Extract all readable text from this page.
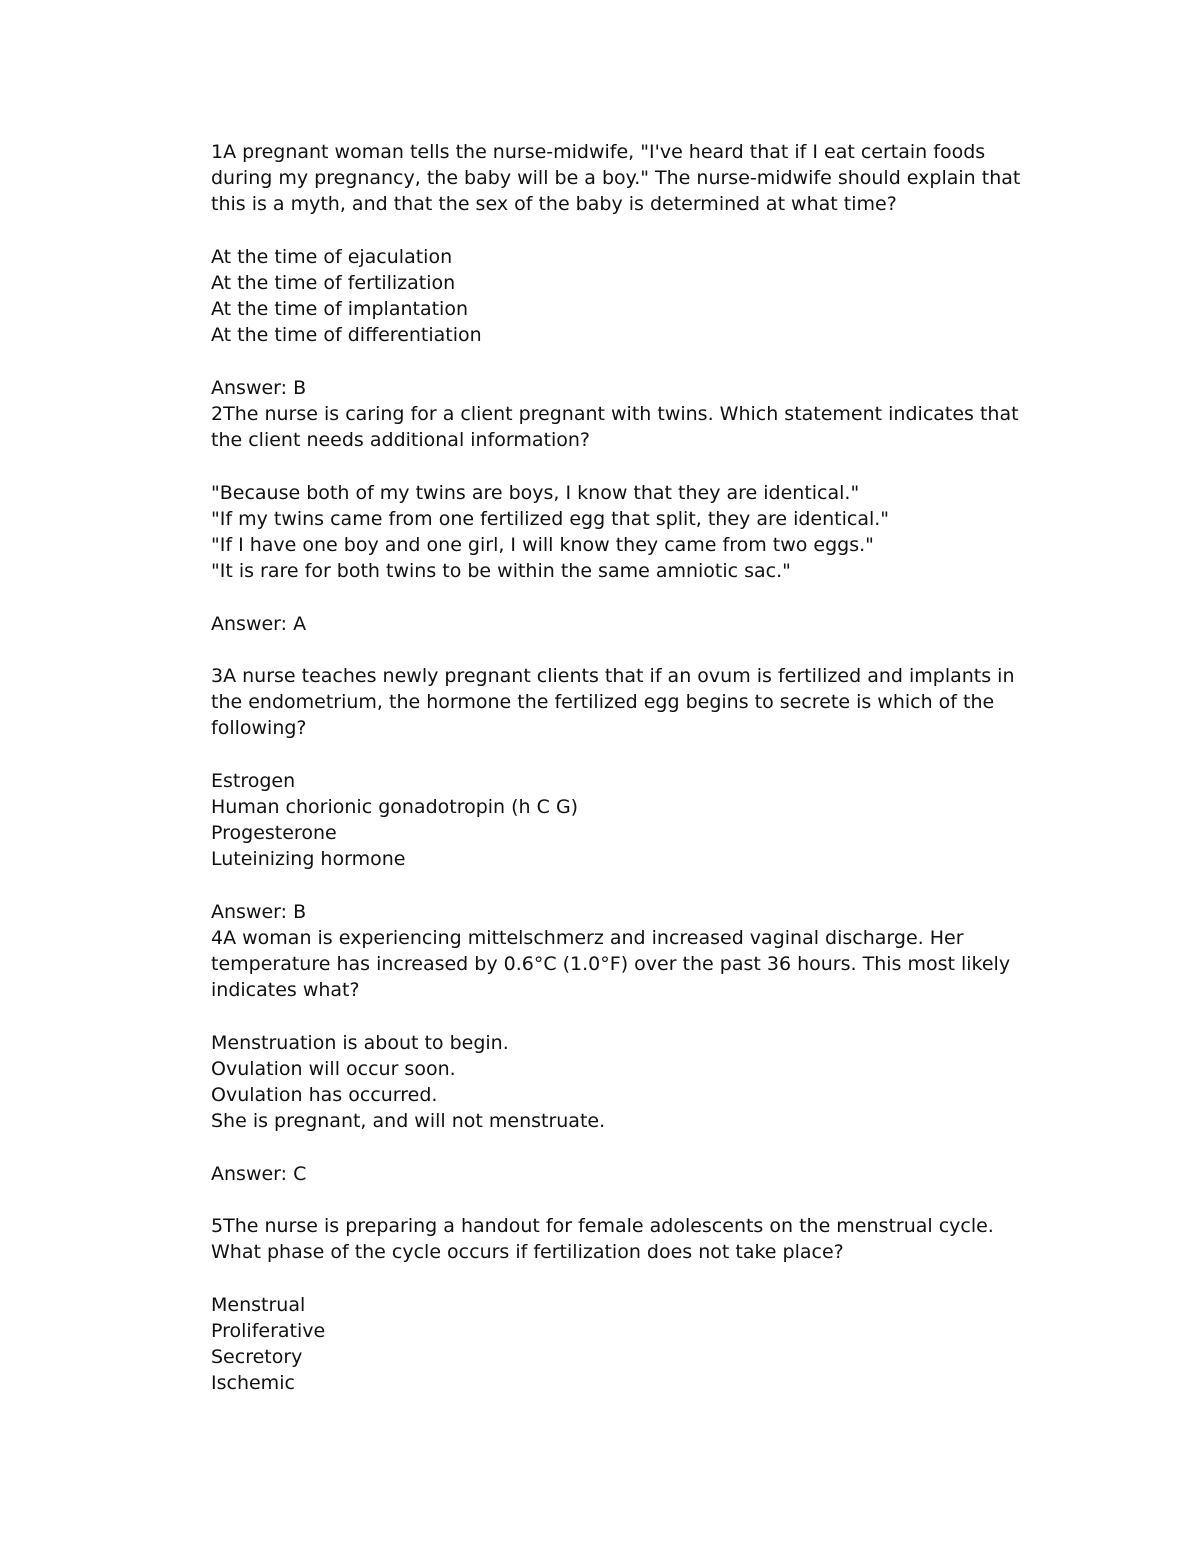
1A pregnant woman tells the nurse-midwife, "I've heard that if I eat certain foods
during my pregnancy, the baby will be a boy." The nurse-midwife should explain that
this is a myth, and that the sex of the baby is determined at what time?
At the time of ejaculation
At the time of fertilization
At the time of implantation
At the time of differentiation
Answer: B
2The nurse is caring for a client pregnant with twins. Which statement indicates that
the client needs additional information?
"Because both of my twins are boys, I know that they are identical."
"If my twins came from one fertilized egg that split, they are identical."
"If I have one boy and one girl, I will know they came from two eggs."
"It is rare for both twins to be within the same amniotic sac."
Answer: A
3A nurse teaches newly pregnant clients that if an ovum is fertilized and implants in
the endometrium, the hormone the fertilized egg begins to secrete is which of the
following?
Estrogen
Human chorionic gonadotropin (h C G)
Progesterone
Luteinizing hormone
Answer: B
4A woman is experiencing mittelschmerz and increased vaginal discharge. Her
temperature has increased by 0.6°C (1.0°F) over the past 36 hours. This most likely
indicates what?
Menstruation is about to begin.
Ovulation will occur soon.
Ovulation has occurred.
She is pregnant, and will not menstruate.
Answer: C
5The nurse is preparing a handout for female adolescents on the menstrual cycle.
What phase of the cycle occurs if fertilization does not take place?
Menstrual
Proliferative
Secretory
Ischemic
